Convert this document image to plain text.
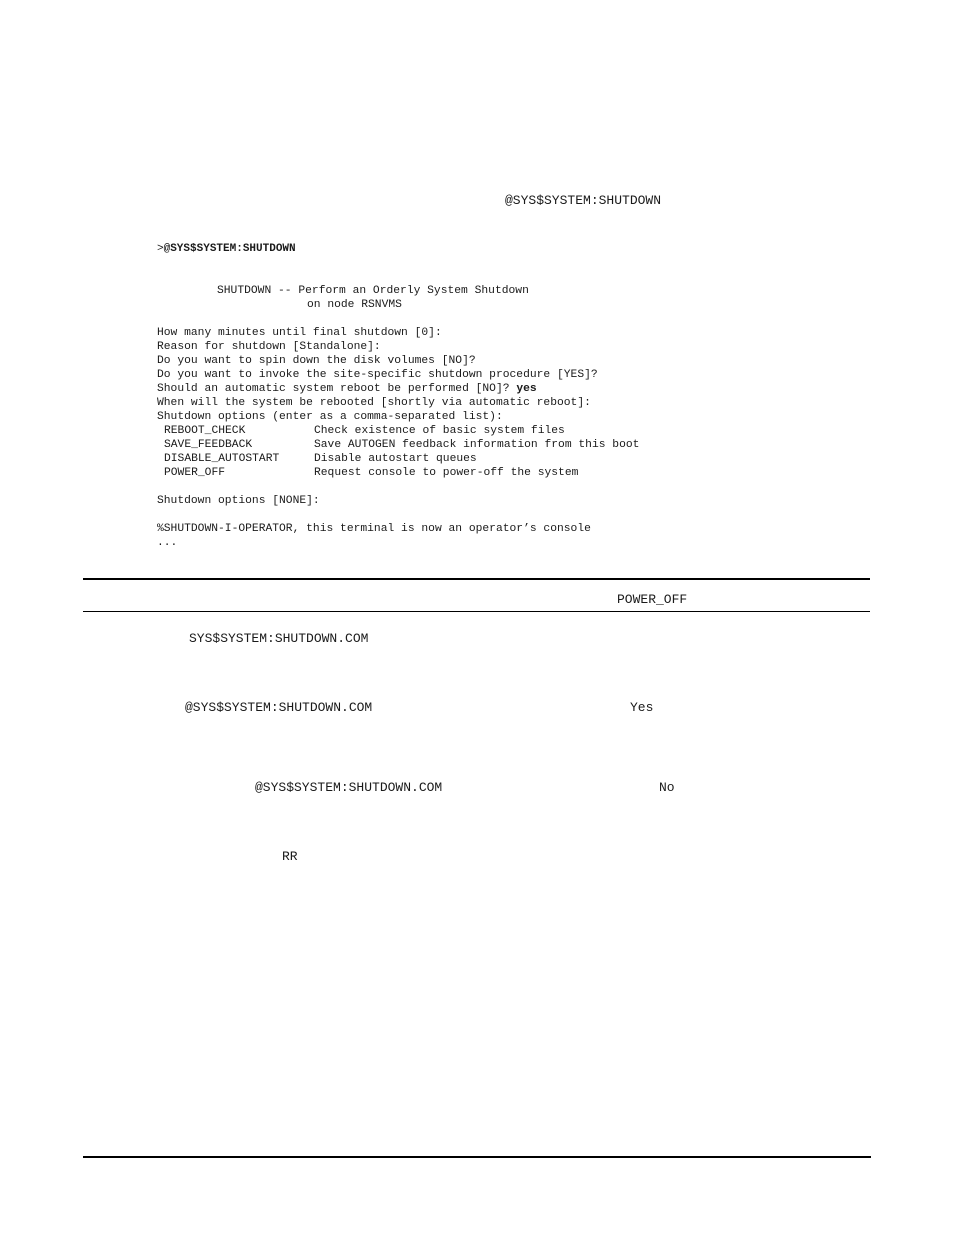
@SYS$SYSTEM:SHUTDOWN
>@SYS$SYSTEM:SHUTDOWN
SHUTDOWN -- Perform an Orderly System Shutdown
on node RSNVMS
How many minutes until final shutdown [0]:
Reason for shutdown [Standalone]:
Do you want to spin down the disk volumes [NO]?
Do you want to invoke the site-specific shutdown procedure [YES]?
Should an automatic system reboot be performed [NO]? yes
When will the system be rebooted [shortly via automatic reboot]:
Shutdown options (enter as a comma-separated list):
REBOOT_CHECK	Check existence of basic system files
SAVE_FEEDBACK	Save AUTOGEN feedback information from this boot
DISABLE_AUTOSTART	Disable autostart queues
POWER_OFF	Request console to power-off the system
Shutdown options [NONE]:
%SHUTDOWN-I-OPERATOR, this terminal is now an operator’s console
...
POWER_OFF
SYS$SYSTEM:SHUTDOWN.COM
@SYS$SYSTEM:SHUTDOWN.COM	Yes
@SYS$SYSTEM:SHUTDOWN.COM	No
RR
